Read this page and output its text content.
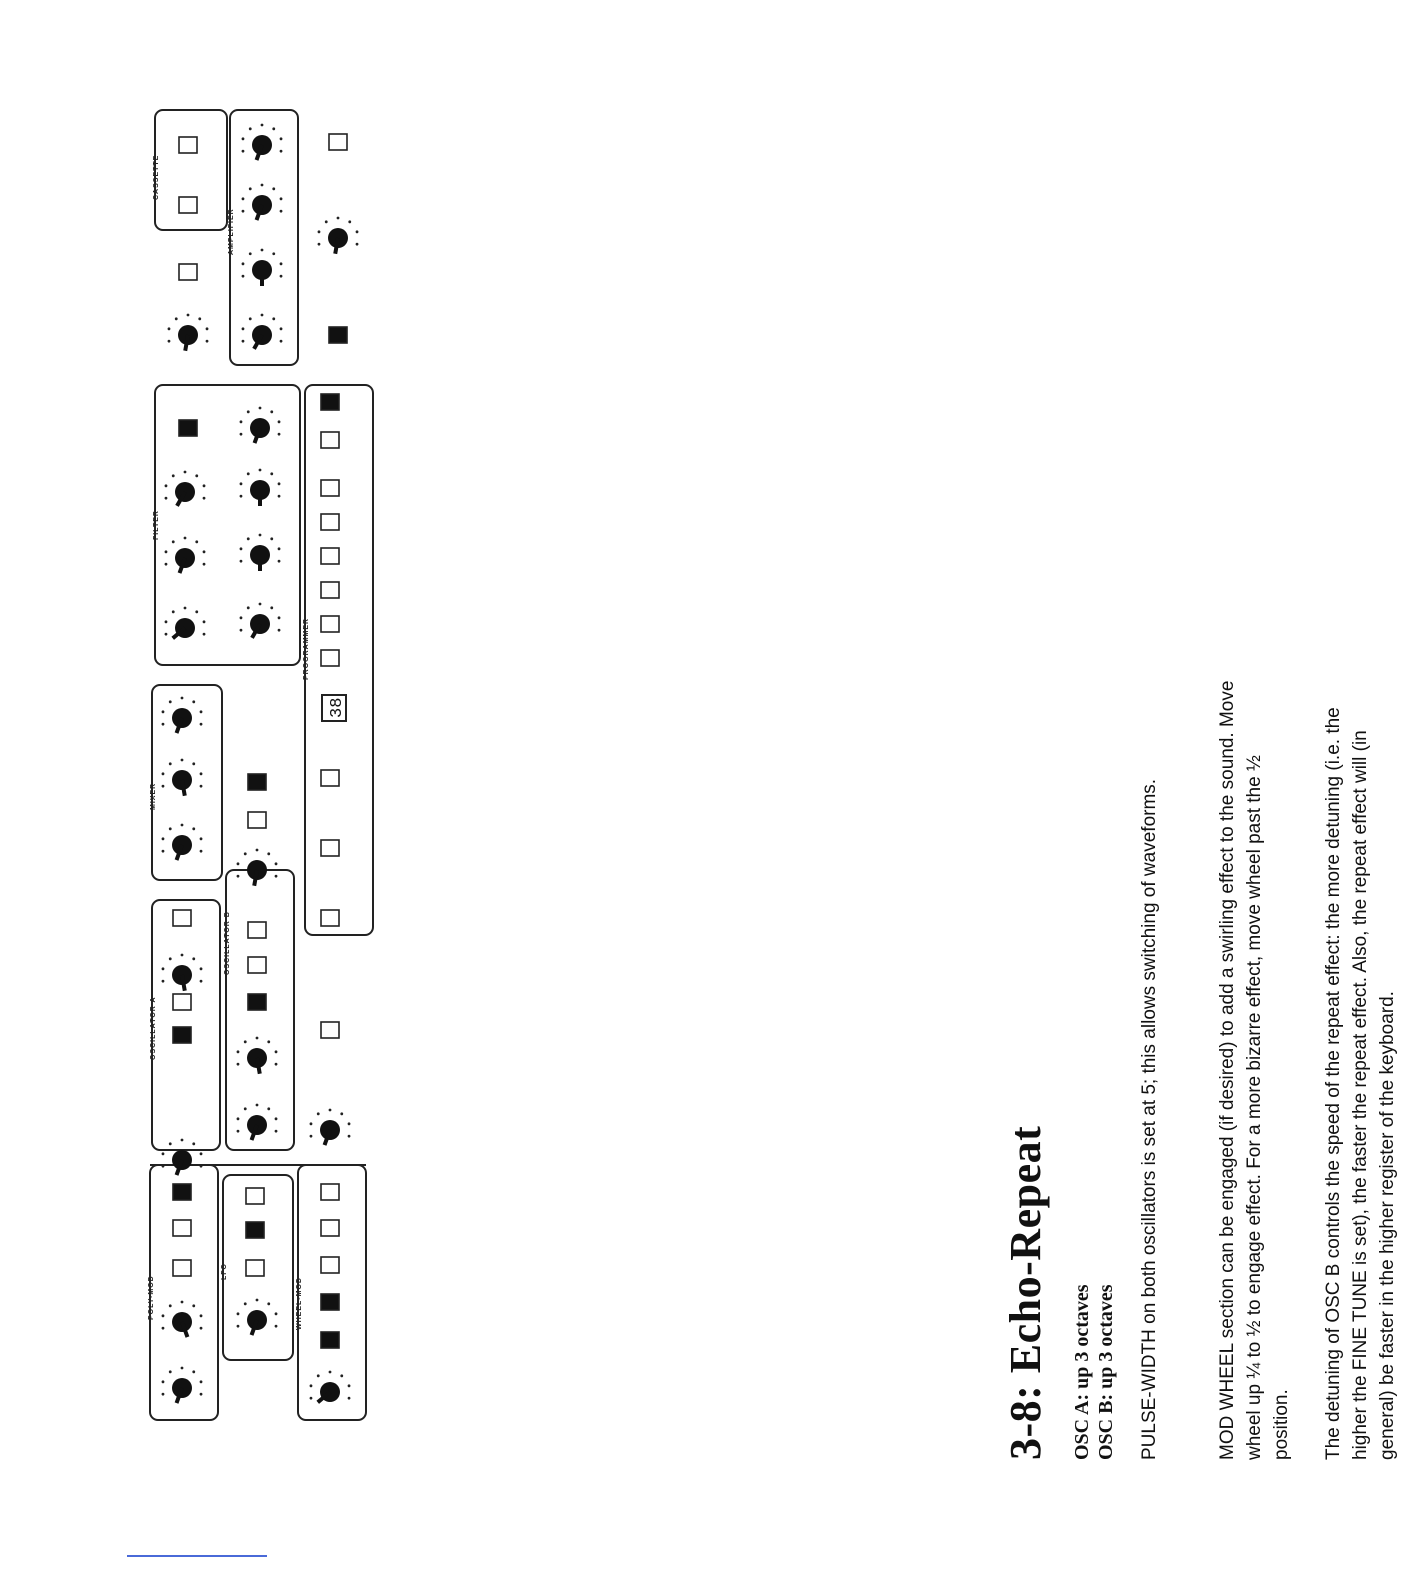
POLY-MOD
LFO
WHEEL-MOD
OSCILLATOR A
OSCILLATOR B
MIXER
FILTER
PROGRAMMER
AMPLIFIER
CASSETTE
38
3-8: Echo-Repeat OSC A: up 3 octaves OSC B: up 3 octaves PULSE-WIDTH on both oscillators is set at 5; this allows switching of waveforms.	MOD WHEEL section can be engaged (if desired) to add a swirling effect to the sound. Move wheel up ¼ to ½ to engage effect. For a more bizarre effect, move wheel past the ½ position. The detuning of OSC B controls the speed of the repeat effect: the more detuning (i.e. the higher the FINE TUNE is set), the faster the repeat effect. Also, the repeat effect will (in general) be faster in the higher register of the keyboard.
